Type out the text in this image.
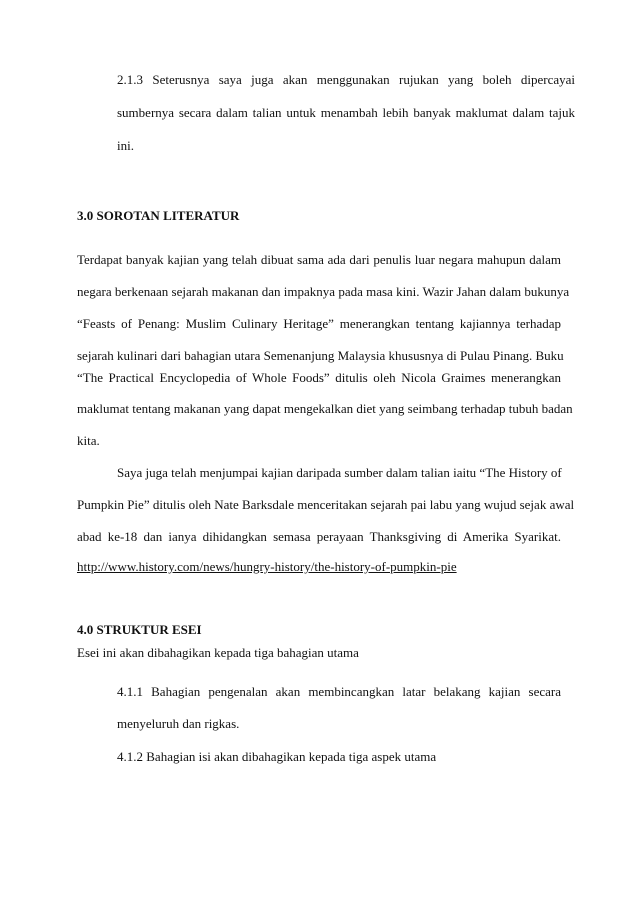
2.1.3 Seterusnya saya juga akan menggunakan rujukan yang boleh dipercayai
sumbernya secara dalam talian untuk menambah lebih banyak maklumat dalam tajuk
ini.
3.0 SOROTAN LITERATUR
Terdapat banyak kajian yang telah dibuat sama ada dari penulis luar negara mahupun dalam
negara berkenaan sejarah makanan dan impaknya pada masa kini. Wazir Jahan dalam bukunya
“Feasts of Penang: Muslim Culinary Heritage” menerangkan tentang kajiannya terhadap
sejarah kulinari dari bahagian utara Semenanjung Malaysia khususnya di Pulau Pinang. Buku
“The Practical Encyclopedia of Whole Foods” ditulis oleh Nicola Graimes menerangkan
maklumat tentang makanan yang dapat mengekalkan diet yang seimbang terhadap tubuh badan
kita.
Saya juga telah menjumpai kajian daripada sumber dalam talian iaitu “The History of
Pumpkin Pie” ditulis oleh Nate Barksdale menceritakan sejarah pai labu yang wujud sejak awal
abad ke-18 dan ianya dihidangkan semasa perayaan Thanksgiving di Amerika Syarikat.
http://www.history.com/news/hungry-history/the-history-of-pumpkin-pie
4.0 STRUKTUR ESEI
Esei ini akan dibahagikan kepada tiga bahagian utama
4.1.1 Bahagian pengenalan akan membincangkan latar belakang kajian secara
menyeluruh dan rigkas.
4.1.2 Bahagian isi akan dibahagikan kepada tiga aspek utama
